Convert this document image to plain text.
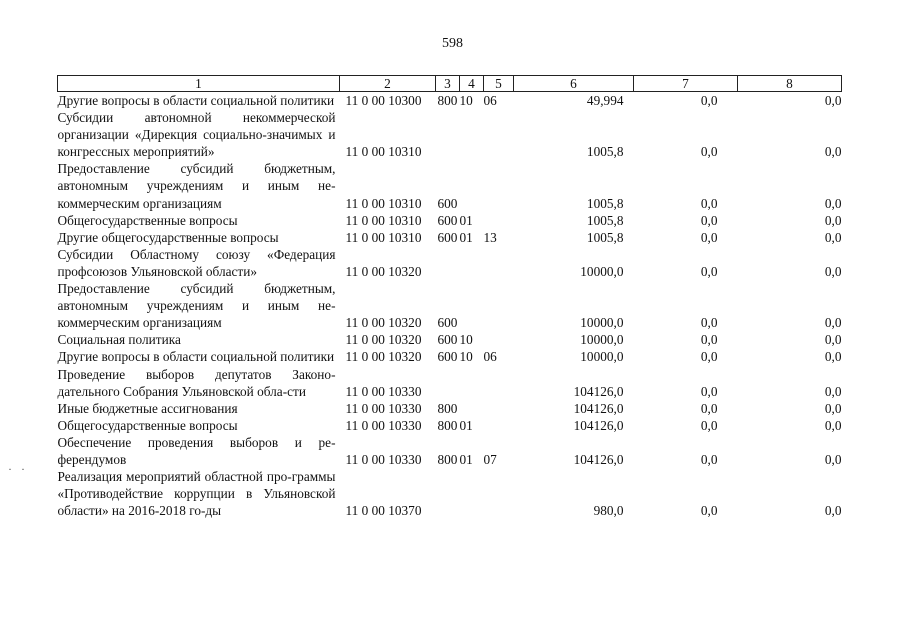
598
1	2	3	4	5	6	7	8
Другие вопросы в области социальной политики	11 0 00 10300	800	10	06	49,994	0,0	0,0
Субсидии автономной некоммерческой организации «Дирекция социально-значимых и конгрессных мероприятий»	11 0 00 10310				1005,8	0,0	0,0
Предоставление субсидий бюджетным, автономным учреждениям и иным не-коммерческим организациям	11 0 00 10310	600			1005,8	0,0	0,0
Общегосударственные вопросы	11 0 00 10310	600	01		1005,8	0,0	0,0
Другие общегосударственные вопросы	11 0 00 10310	600	01	13	1005,8	0,0	0,0
Субсидии Областному союзу «Федерация профсоюзов Ульяновской области»	11 0 00 10320				10000,0	0,0	0,0
Предоставление субсидий бюджетным, автономным учреждениям и иным не-коммерческим организациям	11 0 00 10320	600			10000,0	0,0	0,0
Социальная политика	11 0 00 10320	600	10		10000,0	0,0	0,0
Другие вопросы в области социальной политики	11 0 00 10320	600	10	06	10000,0	0,0	0,0
Проведение выборов депутатов Законо-дательного Собрания Ульяновской обла-сти	11 0 00 10330				104126,0	0,0	0,0
Иные бюджетные ассигнования	11 0 00 10330	800			104126,0	0,0	0,0
Общегосударственные вопросы	11 0 00 10330	800	01		104126,0	0,0	0,0
Обеспечение проведения выборов и ре-ферендумов	11 0 00 10330	800	01	07	104126,0	0,0	0,0
Реализация мероприятий областной про-граммы «Противодействие коррупции в Ульяновской области» на 2016-2018 го-ды	11 0 00 10370				980,0	0,0	0,0
· ·
